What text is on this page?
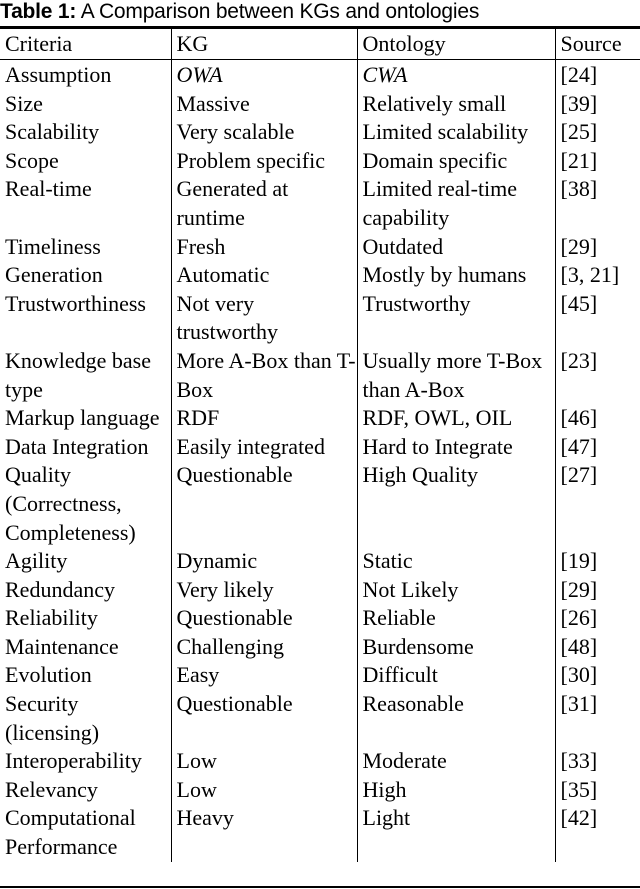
Table 1: A Comparison between KGs and ontologies
Criteria	KG	Ontology	Source
Assumption	OWA	CWA	[24]
Size	Massive	Relatively small	[39]
Scalability	Very scalable	Limited scalability	[25]
Scope	Problem specific	Domain specific	[21]
Real-time	Generated at runtime	Limited real-time capability	[38]
Timeliness	Fresh	Outdated	[29]
Generation	Automatic	Mostly by humans	[3, 21]
Trustworthiness	Not very trustworthy	Trustworthy	[45]
Knowledge base type	More A-Box than T-Box	Usually more T-Box than A-Box	[23]
Markup language	RDF	RDF, OWL, OIL	[46]
Data Integration	Easily integrated	Hard to Integrate	[47]
Quality (Correctness, Completeness)	Questionable	High Quality	[27]
Agility	Dynamic	Static	[19]
Redundancy	Very likely	Not Likely	[29]
Reliability	Questionable	Reliable	[26]
Maintenance	Challenging	Burdensome	[48]
Evolution	Easy	Difficult	[30]
Security (licensing)	Questionable	Reasonable	[31]
Interoperability	Low	Moderate	[33]
Relevancy	Low	High	[35]
Computational Performance	Heavy	Light	[42]
